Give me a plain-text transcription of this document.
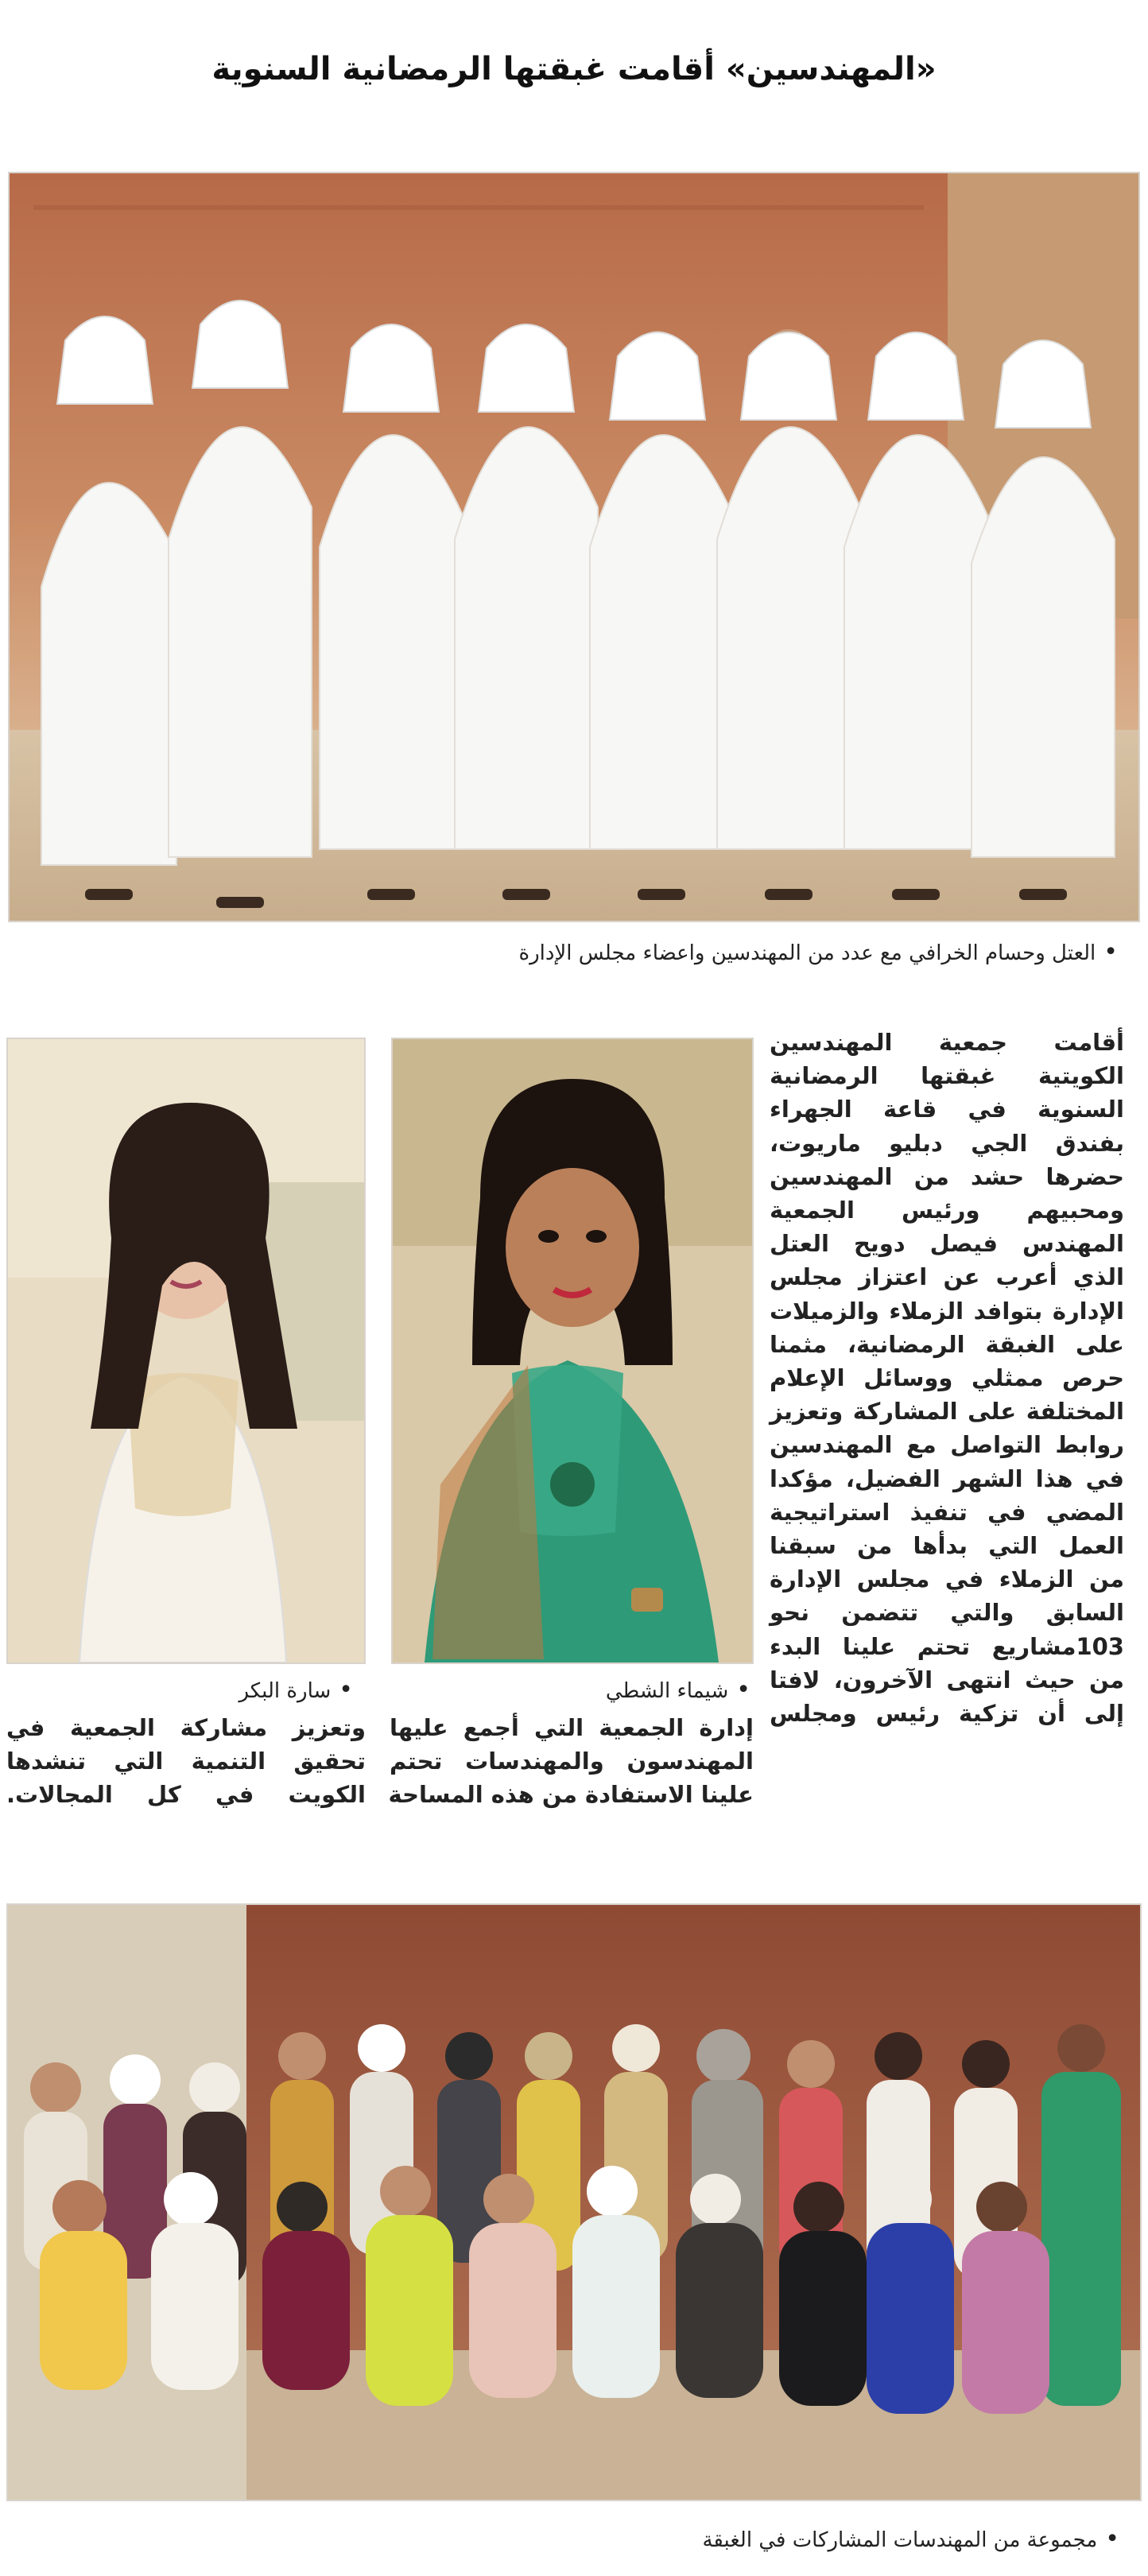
«المهندسين» أقامت غبقتها الرمضانية السنوية
•العتل وحسام الخرافي مع عدد من المهندسين واعضاء مجلس الإدارة
•سارة البكر	•شيماء الشطي
أقامت جمعية المهندسين
الكويتية غبقتها الرمضانية
السنوية في قاعة الجهراء
بفندق الجي دبليو ماريوت،
حضرها حشد من المهندسين
ومحبيهم ورئيس الجمعية
المهندس فيصل دويح العتل
الذي أعرب عن اعتزاز مجلس
الإدارة بتوافد الزملاء والزميلات
على الغبقة الرمضانية، مثمنا
حرص ممثلي ووسائل الإعلام
المختلفة على المشاركة وتعزيز
روابط التواصل مع المهندسين
في هذا الشهر الفضيل، مؤكدا
المضي في تنفيذ استراتيجية
العمل التي بدأها من سبقنا
من الزملاء في مجلس الإدارة
السابق والتي تتضمن نحو
103مشاريع تحتم علينا البدء
من حيث انتهى الآخرون، لافتا
إلى أن تزكية رئيس ومجلس
إدارة الجمعية التي أجمع عليها
المهندسون والمهندسات تحتم
علينا الاستفادة من هذه المساحة
وتعزيز مشاركة الجمعية في
تحقيق التنمية التي تنشدها
الكويت في كل المجالات.
•مجموعة من المهندسات المشاركات في الغبقة
